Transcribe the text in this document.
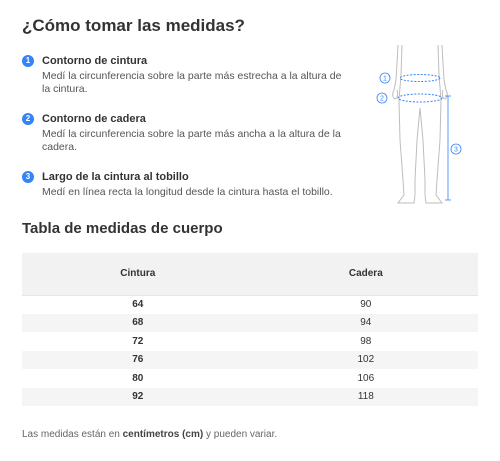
¿Cómo tomar las medidas?
1	Contorno de cintura
Medí la circunferencia sobre la parte más estrecha a la altura de la cintura.
2	Contorno de cadera
Medí la circunferencia sobre la parte más ancha a la altura de la cadera.
3	Largo de la cintura al tobillo
Medí en línea recta la longitud desde la cintura hasta el tobillo.
1
2
3
Tabla de medidas de cuerpo
Cintura	Cadera
64	90
68	94
72	98
76	102
80	106
92	118
Las medidas están en centímetros (cm) y pueden variar.
